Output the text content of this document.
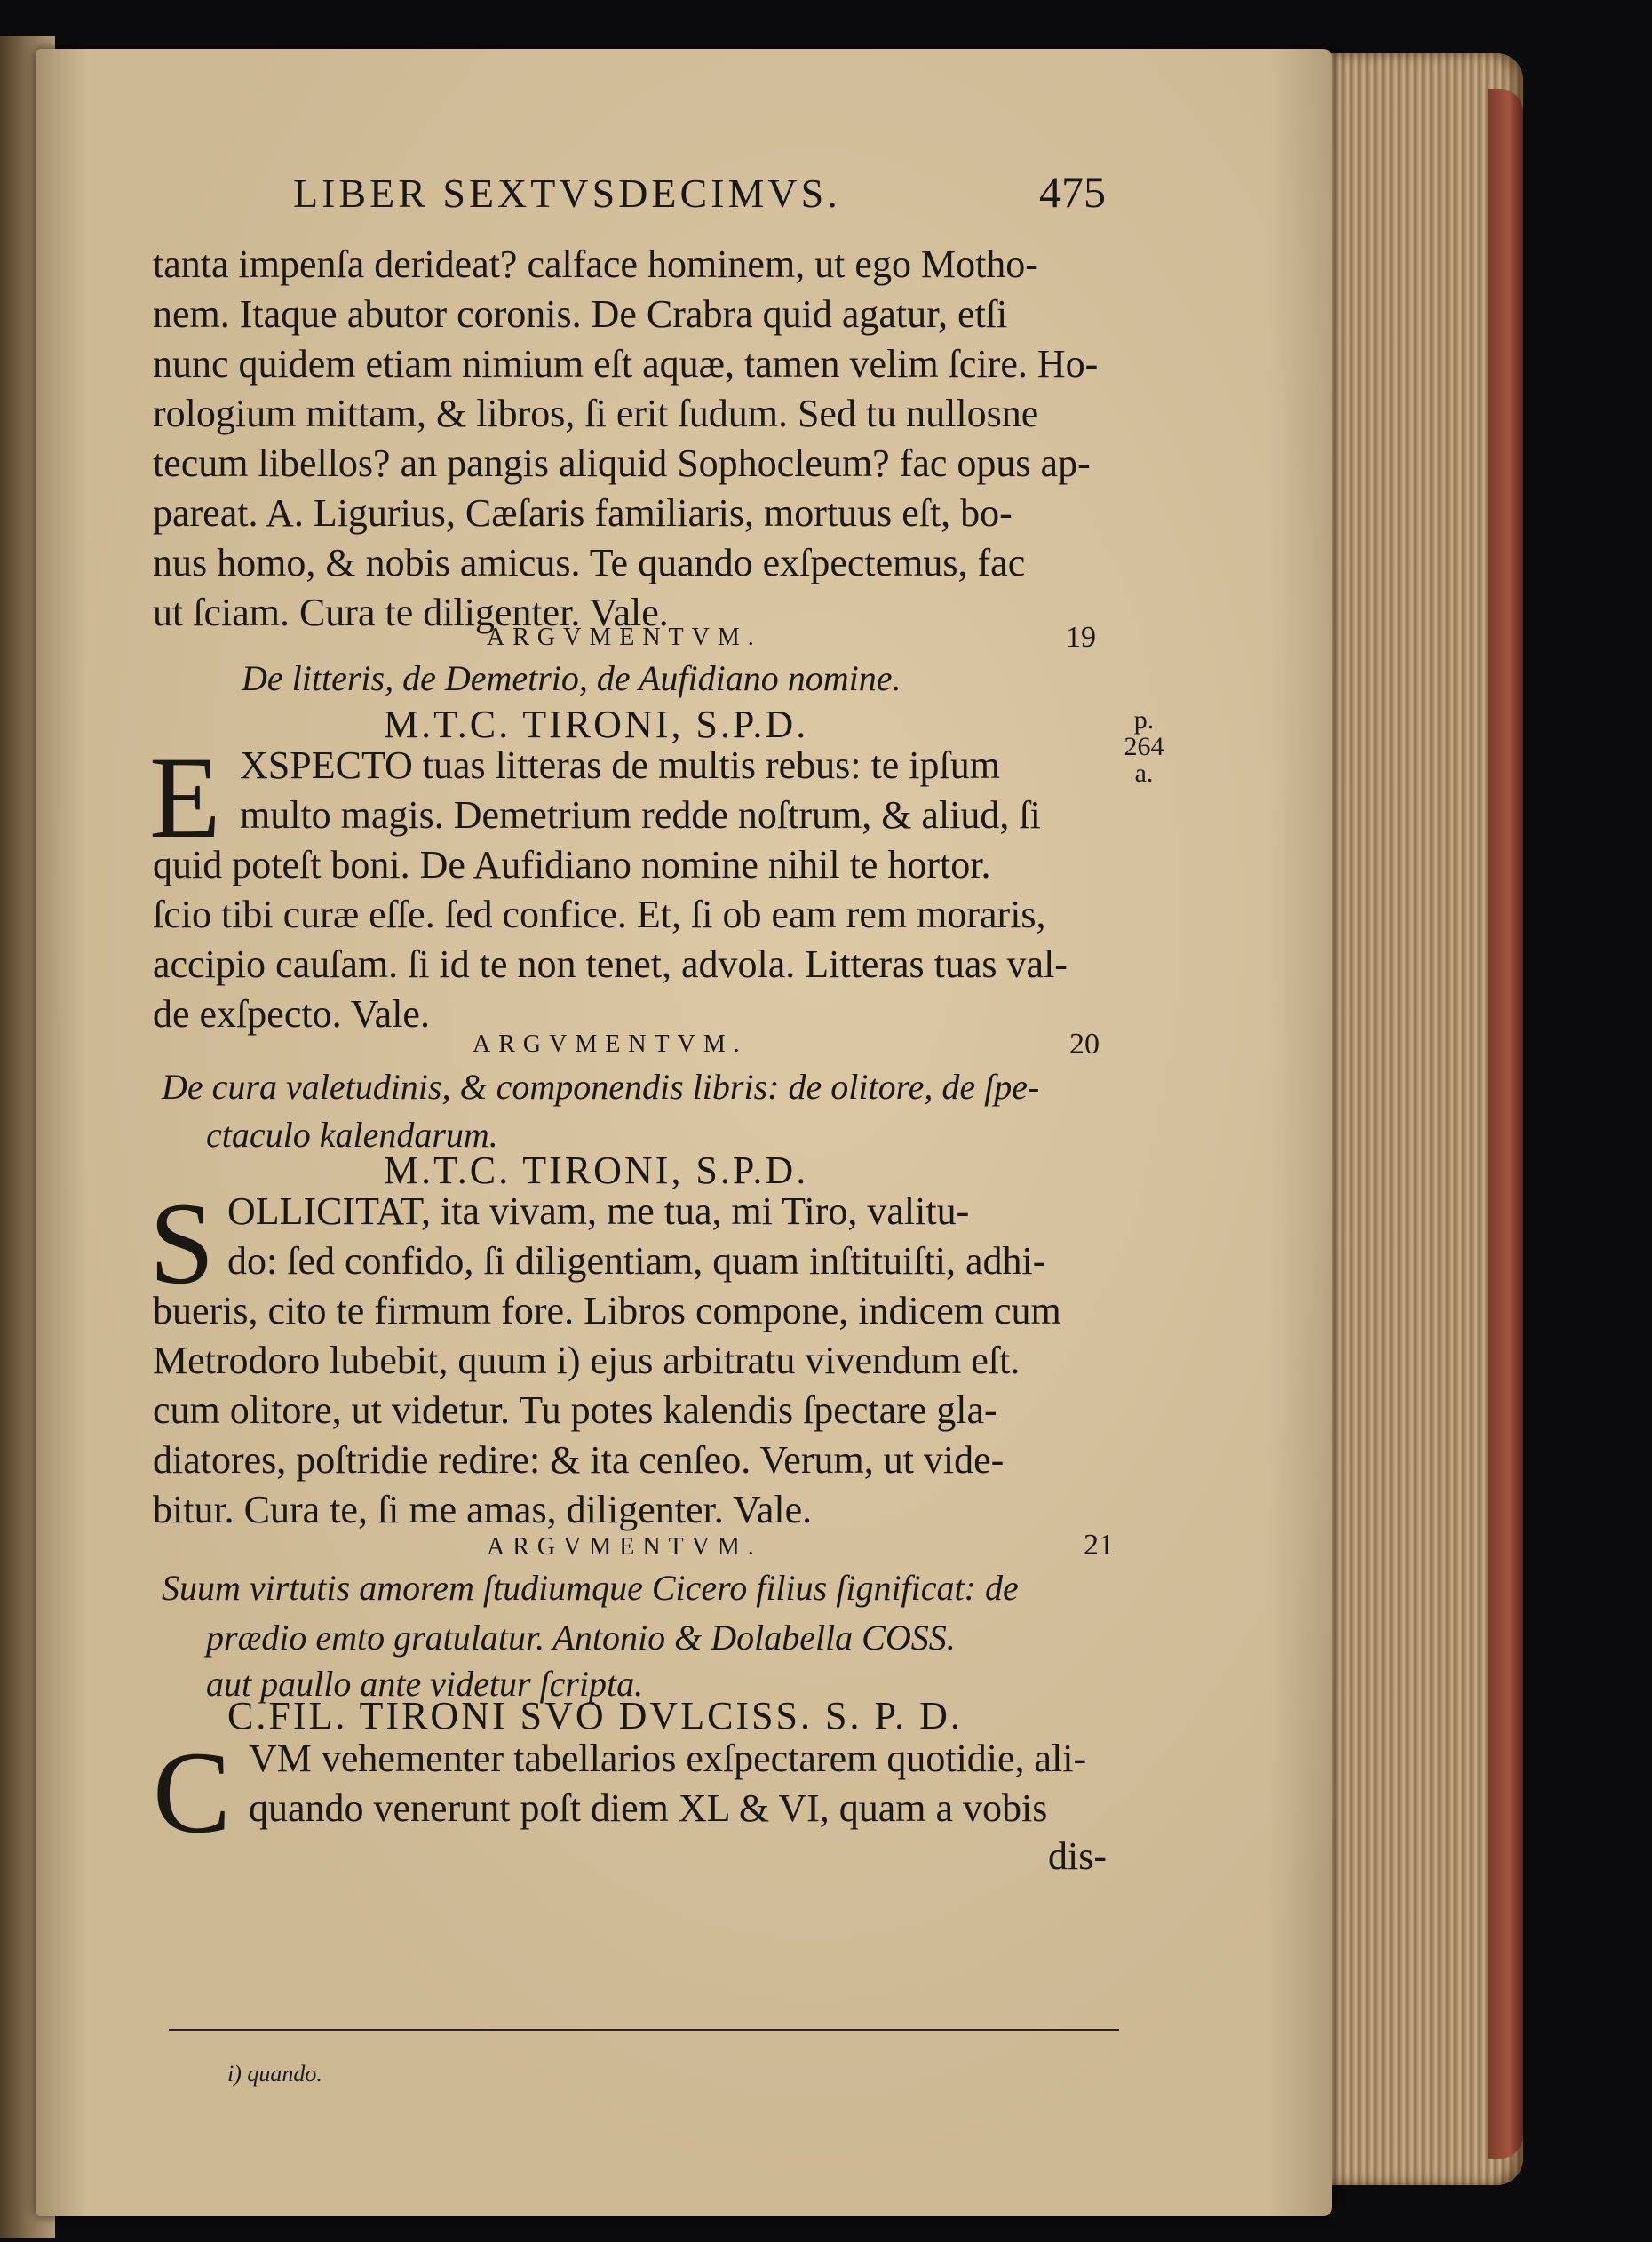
LIBER SEXTVSDECIMVS.	475
tanta impenſa derideat? calface hominem, ut ego Motho-
nem. Itaque abutor coronis. De Crabra quid agatur, etſi
nunc quidem etiam nimium eſt aquæ, tamen velim ſcire. Ho-
rologium mittam, & libros, ſi erit ſudum. Sed tu nullosne
tecum libellos? an pangis aliquid Sophocleum? fac opus ap-
pareat. A. Ligurius, Cæſaris familiaris, mortuus eſt, bo-
nus homo, & nobis amicus. Te quando exſpectemus, fac
ut ſciam. Cura te diligenter. Vale.
ARGVMENTVM.	19
De litteris, de Demetrio, de Aufidiano nomine.
M.T.C. TIRONI, S.P.D.
E XSPECTO tuas litteras de multis rebus: te ipſum
multo magis. Demetrium redde noſtrum, & aliud, ſi
quid poteſt boni. De Aufidiano nomine nihil te hortor.
ſcio tibi curæ eſſe. ſed confice. Et, ſi ob eam rem moraris,
accipio cauſam. ſi id te non tenet, advola. Litteras tuas val-
de exſpecto. Vale.
p.
264
a.
ARGVMENTVM.	20
De cura valetudinis, & componendis libris: de olitore, de ſpe-
ctaculo kalendarum.
M.T.C. TIRONI, S.P.D.
S OLLICITAT, ita vivam, me tua, mi Tiro, valitu-
do: ſed confido, ſi diligentiam, quam inſtituiſti, adhi-
bueris, cito te firmum fore. Libros compone, indicem cum
Metrodoro lubebit, quum i) ejus arbitratu vivendum eſt.
cum olitore, ut videtur. Tu potes kalendis ſpectare gla-
diatores, poſtridie redire: & ita cenſeo. Verum, ut vide-
bitur. Cura te, ſi me amas, diligenter. Vale.
ARGVMENTVM.	21
Suum virtutis amorem ſtudiumque Cicero filius ſignificat: de
prædio emto gratulatur. Antonio & Dolabella COSS.
aut paullo ante videtur ſcripta.
C.FIL. TIRONI SVO DVLCISS. S. P. D.
C VM vehementer tabellarios exſpectarem quotidie, ali-
quando venerunt poſt diem XL & VI, quam a vobis
dis-
i) quando.
